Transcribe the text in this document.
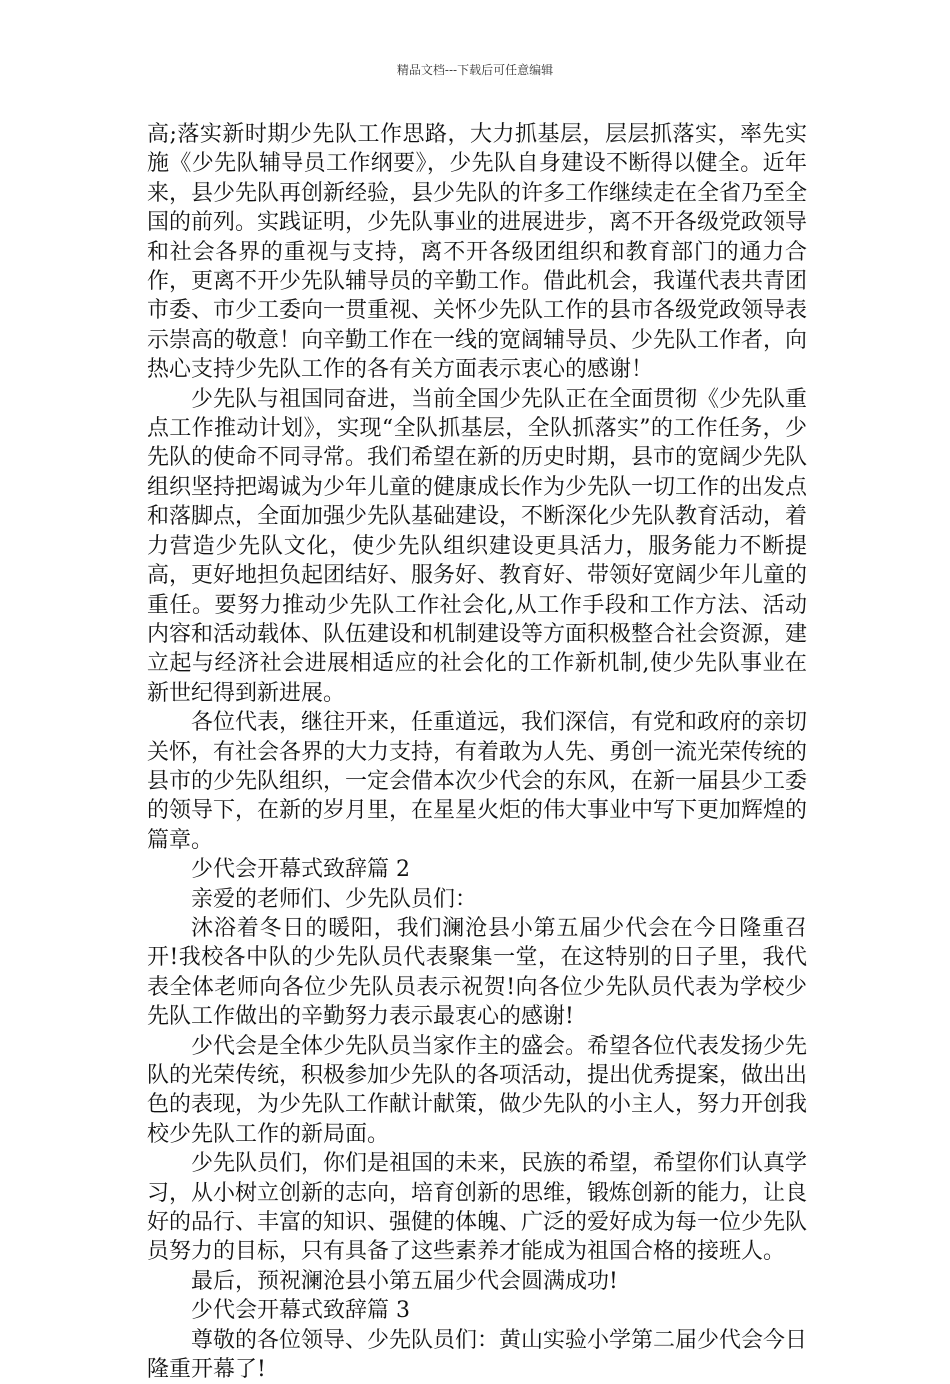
精品文档---下载后可任意编辑

高;落实新时期少先队工作思路，大力抓基层，层层抓落实，率先实施《少先队辅导员工作纲要》，少先队自身建设不断得以健全。近年来，县少先队再创新经验，县少先队的许多工作继续走在全省乃至全国的前列。实践证明，少先队事业的进展进步，离不开各级党政领导和社会各界的重视与支持，离不开各级团组织和教育部门的通力合作，更离不开少先队辅导员的辛勤工作。借此机会，我谨代表共青团市委、市少工委向一贯重视、关怀少先队工作的县市各级党政领导表示崇高的敬意！向辛勤工作在一线的宽阔辅导员、少先队工作者，向热心支持少先队工作的各有关方面表示衷心的感谢！

少先队与祖国同奋进，当前全国少先队正在全面贯彻《少先队重点工作推动计划》，实现“全队抓基层，全队抓落实”的工作任务，少先队的使命不同寻常。我们希望在新的历史时期，县市的宽阔少先队组织坚持把竭诚为少年儿童的健康成长作为少先队一切工作的出发点和落脚点，全面加强少先队基础建设，不断深化少先队教育活动，着力营造少先队文化，使少先队组织建设更具活力，服务能力不断提高，更好地担负起团结好、服务好、教育好、带领好宽阔少年儿童的重任。要努力推动少先队工作社会化,从工作手段和工作方法、活动内容和活动载体、队伍建设和机制建设等方面积极整合社会资源，建立起与经济社会进展相适应的社会化的工作新机制,使少先队事业在新世纪得到新进展。

各位代表，继往开来，任重道远，我们深信，有党和政府的亲切关怀，有社会各界的大力支持，有着敢为人先、勇创一流光荣传统的县市的少先队组织，一定会借本次少代会的东风，在新一届县少工委的领导下，在新的岁月里，在星星火炬的伟大事业中写下更加辉煌的篇章。

少代会开幕式致辞篇 2

亲爱的老师们、少先队员们：

沐浴着冬日的暖阳，我们澜沧县小第五届少代会在今日隆重召开!我校各中队的少先队员代表聚集一堂，在这特别的日子里，我代表全体老师向各位少先队员表示祝贺!向各位少先队员代表为学校少先队工作做出的辛勤努力表示最衷心的感谢!

少代会是全体少先队员当家作主的盛会。希望各位代表发扬少先队的光荣传统，积极参加少先队的各项活动，提出优秀提案，做出出色的表现，为少先队工作献计献策，做少先队的小主人，努力开创我校少先队工作的新局面。

少先队员们，你们是祖国的未来，民族的希望，希望你们认真学习，从小树立创新的志向，培育创新的思维，锻炼创新的能力，让良好的品行、丰富的知识、强健的体魄、广泛的爱好成为每一位少先队员努力的目标，只有具备了这些素养才能成为祖国合格的接班人。

最后，预祝澜沧县小第五届少代会圆满成功!

少代会开幕式致辞篇 3

尊敬的各位领导、少先队员们：黄山实验小学第二届少代会今日隆重开幕了!
